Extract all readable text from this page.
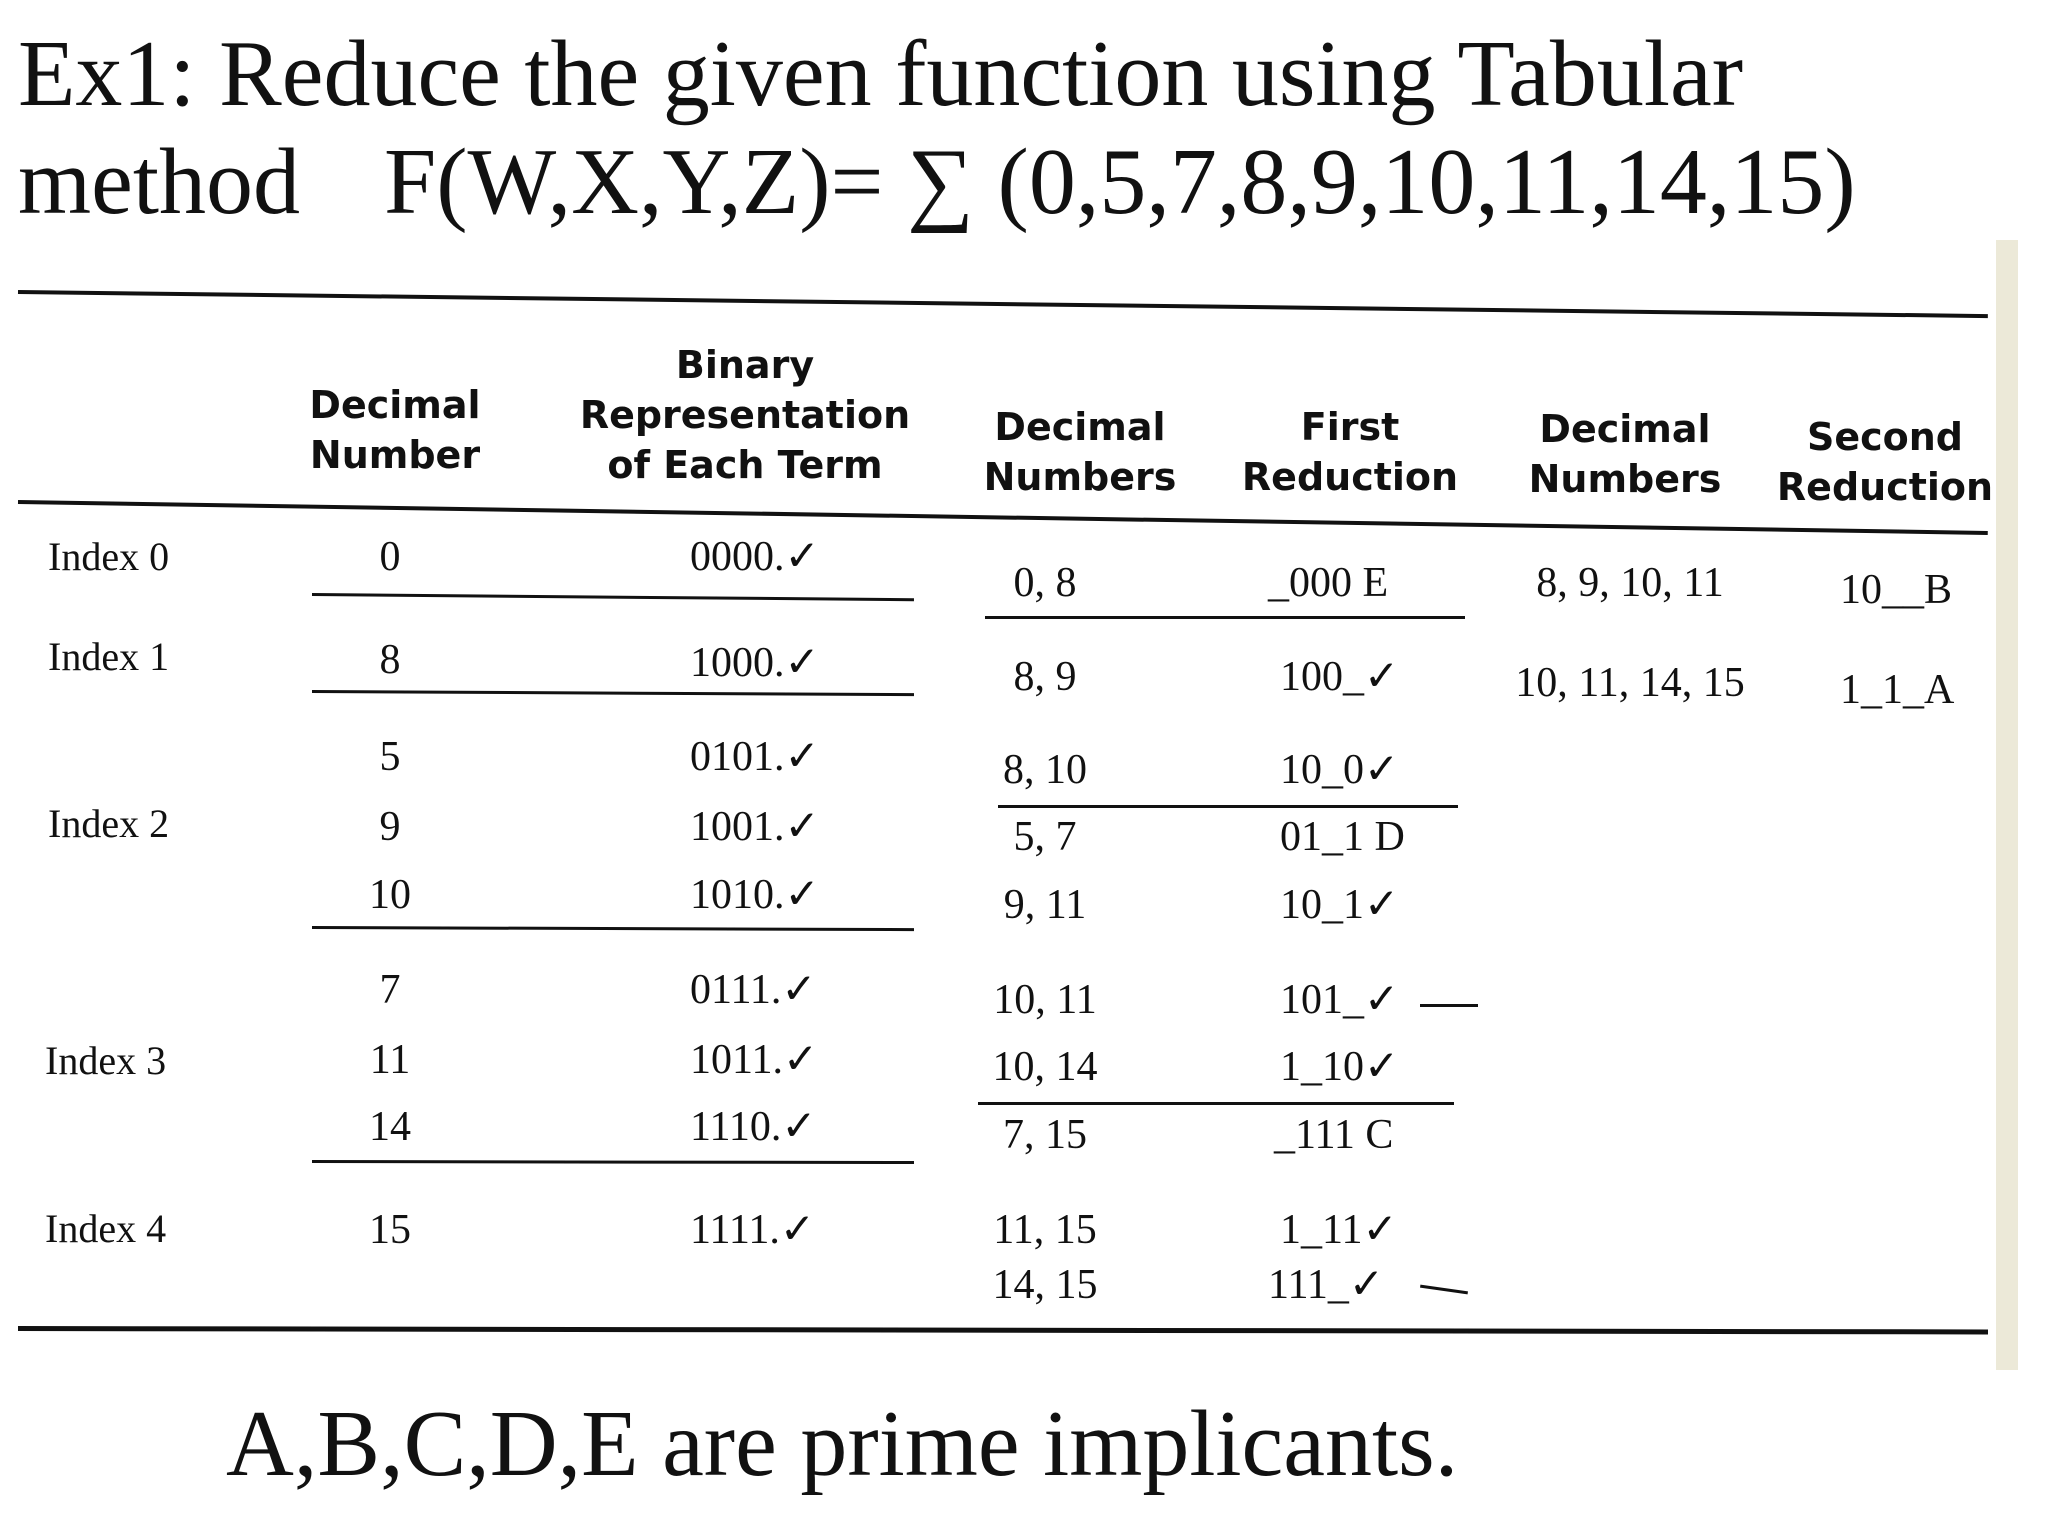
Ex1: Reduce the given function using Tabular
method F(W,X,Y,Z)= ∑ (0,5,7,8,9,10,11,14,15)
Decimal
Number
Binary
Representation
of Each Term
Decimal
Numbers
First
Reduction
Decimal
Numbers
Second
Reduction
Index 0
Index 1
Index 2
Index 3
Index 4
0
8
5
9
10
7
11
14
15
0000.✓
1000.✓
0101.✓
1001.✓
1010.✓
0111.✓
1011.✓
1110.✓
1111.✓
0, 8
8, 9
8, 10
5, 7
9, 11
10, 11
10, 14
7, 15
11, 15
14, 15
_000 E
100_✓
10_0✓
01_1 D
10_1✓
101_✓
1_10✓
_111 C
1_11✓
111_✓
8, 9, 10, 11
10, 11, 14, 15
10__B
1_1_A
A,B,C,D,E are prime implicants.
